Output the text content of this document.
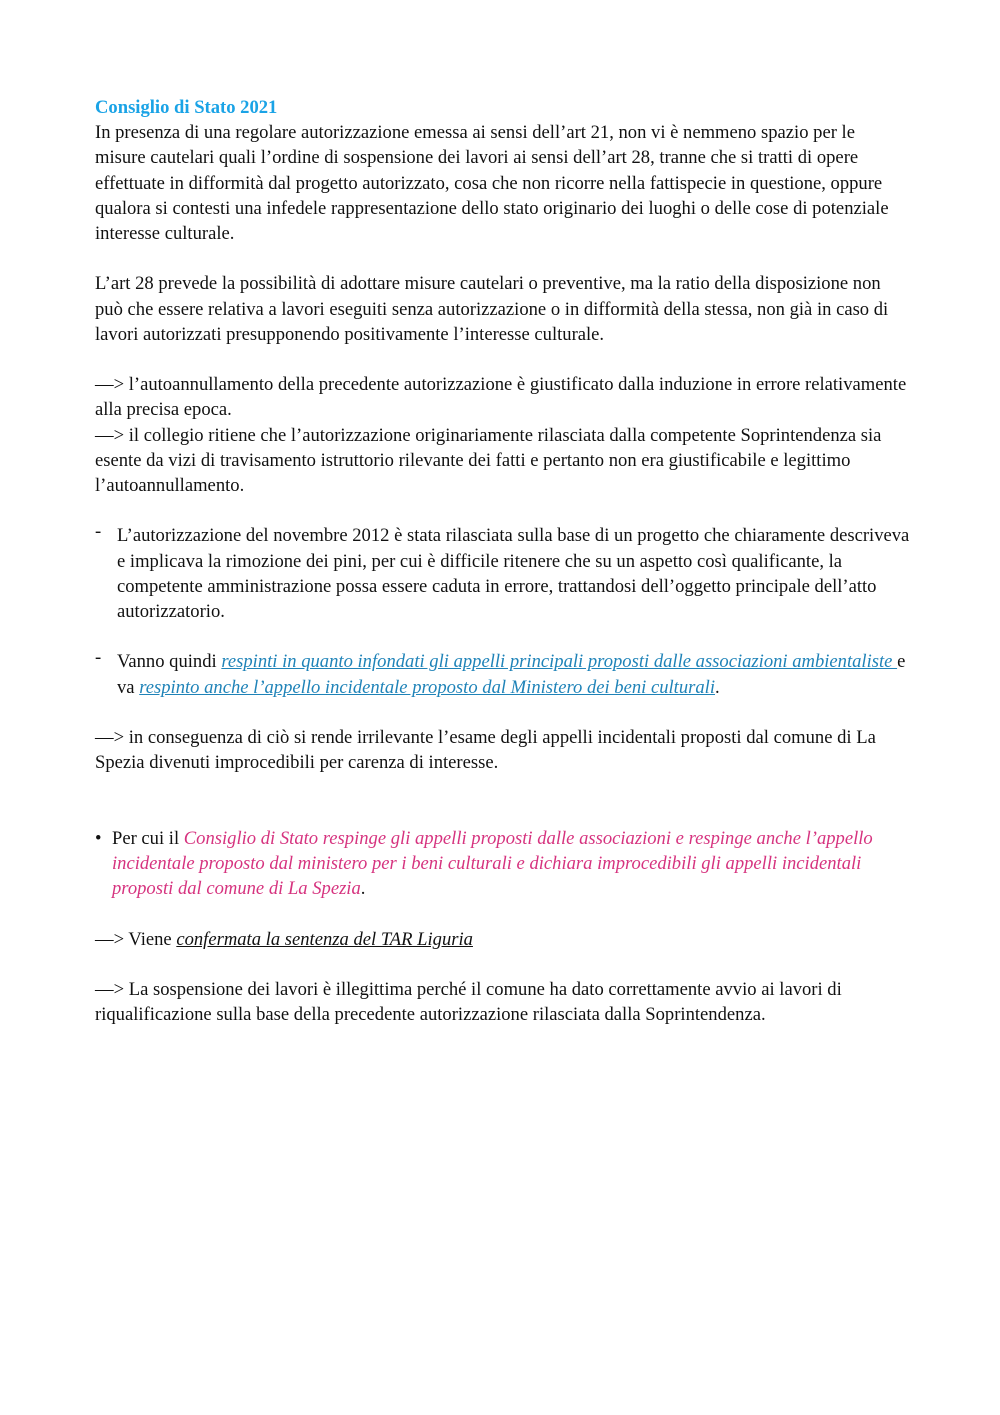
Consiglio di Stato 2021

In presenza di una regolare autorizzazione emessa ai sensi dell’art 21, non vi è nemmeno spazio per le misure cautelari quali l’ordine di sospensione dei lavori ai sensi dell’art 28, tranne che si tratti di opere effettuate in difformità dal progetto autorizzato, cosa che non ricorre nella fattispecie in questione, oppure qualora si contesti una infedele rappresentazione dello stato originario dei luoghi o delle cose di potenziale interesse culturale.

L’art 28 prevede la possibilità di adottare misure cautelari o preventive, ma la ratio della disposizione non può che essere relativa a lavori eseguiti senza autorizzazione o in difformità della stessa, non già in caso di lavori autorizzati presupponendo positivamente l’interesse culturale.

—> l’autoannullamento della precedente autorizzazione è giustificato dalla induzione in errore relativamente alla precisa epoca.

—> il collegio ritiene che l’autorizzazione originariamente rilasciata dalla competente Soprintendenza sia esente da vizi di travisamento istruttorio rilevante dei fatti e pertanto non era giustificabile e legittimo l’autoannullamento.

- L’autorizzazione del novembre 2012 è stata rilasciata sulla base di un progetto che chiaramente descriveva e implicava la rimozione dei pini, per cui è difficile ritenere che su un aspetto così qualificante, la competente amministrazione possa essere caduta in errore, trattandosi dell’oggetto principale dell’atto autorizzatorio.
- Vanno quindi respinti in quanto infondati gli appelli principali proposti dalle associazioni ambientaliste e va respinto anche l’appello incidentale proposto dal Ministero dei beni culturali.

—> in conseguenza di ciò si rende irrilevante l’esame degli appelli incidentali proposti dal comune di La Spezia divenuti improcedibili per carenza di interesse.

• Per cui il Consiglio di Stato respinge gli appelli proposti dalle associazioni e respinge anche l’appello incidentale proposto dal ministero per i beni culturali e dichiara improcedibili gli appelli incidentali proposti dal comune di La Spezia.

—> Viene confermata la sentenza del TAR Liguria

—> La sospensione dei lavori è illegittima perché il comune ha dato correttamente avvio ai lavori di riqualificazione sulla base della precedente autorizzazione rilasciata dalla Soprintendenza.
